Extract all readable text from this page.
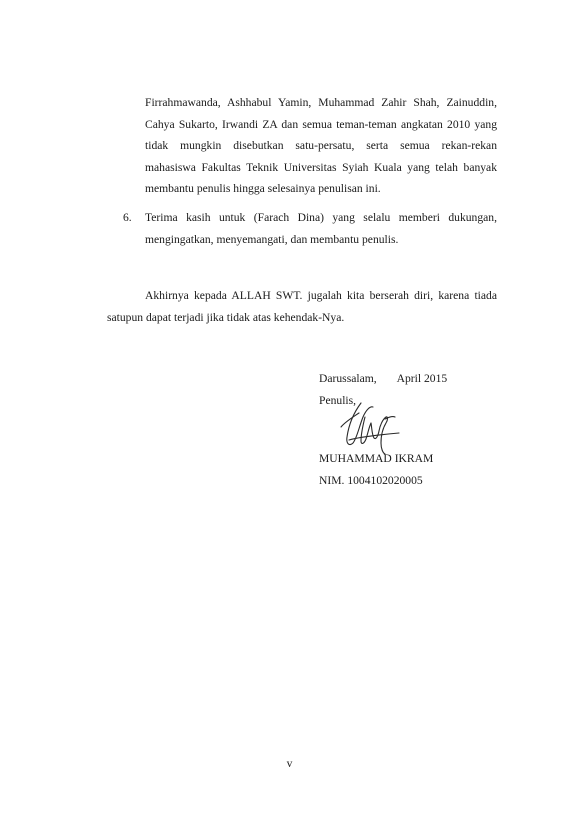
Firrahmawanda, Ashhabul Yamin, Muhammad Zahir Shah, Zainuddin,
Cahya Sukarto, Irwandi ZA dan semua teman-teman angkatan 2010 yang
tidak mungkin disebutkan satu-persatu, serta semua rekan-rekan
mahasiswa Fakultas Teknik Universitas Syiah Kuala yang telah banyak
membantu penulis hingga selesainya penulisan ini.
6. Terima kasih untuk (Farach Dina) yang selalu memberi dukungan,
mengingatkan, menyemangati, dan membantu penulis.
Akhirnya kepada ALLAH SWT. jugalah kita berserah diri, karena tiada
satupun dapat terjadi jika tidak atas kehendak-Nya.
Darussalam, April 2015
Penulis,
MUHAMMAD IKRAM
NIM. 1004102020005
v
